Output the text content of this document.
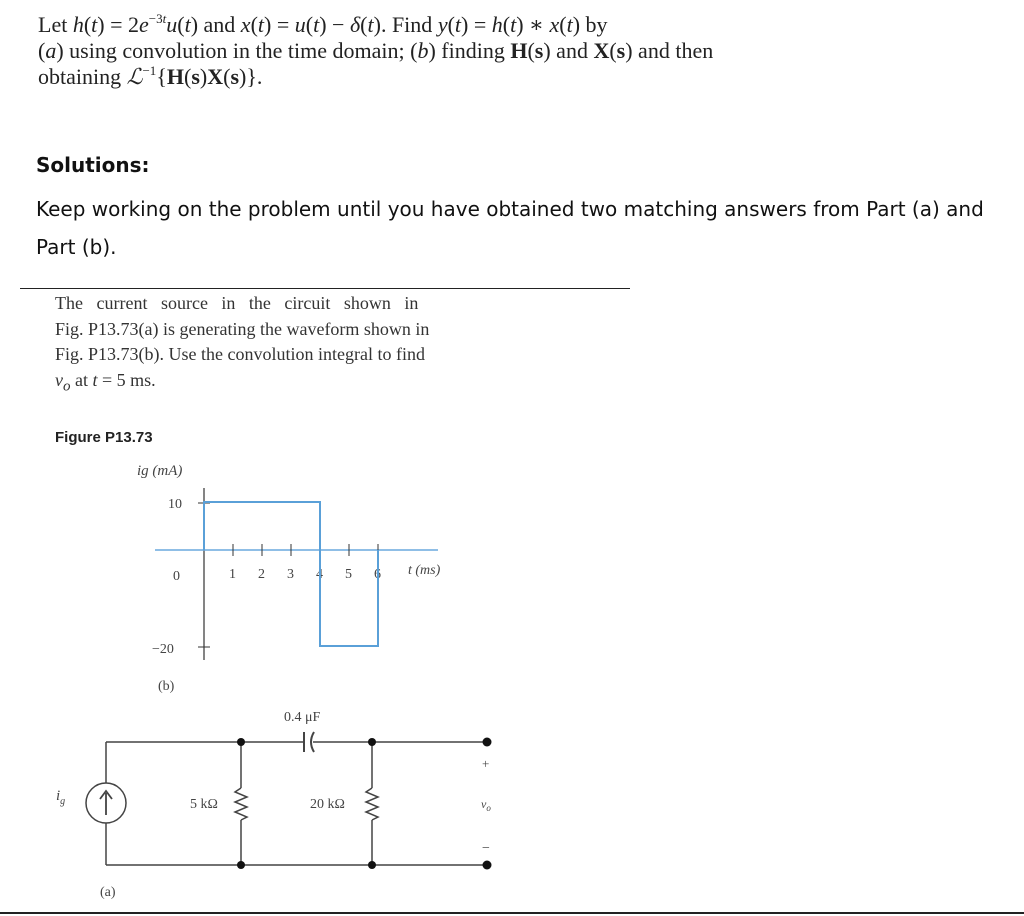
Let $h(t) = 2e^{-3t}u(t)$ and x(t) = u(t) − δ(t). Find y(t) = h(t) ∗ x(t) by
(a) using convolution in the time domain; (b) finding H(s) and X(s) and then
obtaining ℒ$^{-1}${H(s)X(s)}.
Solutions:
Keep working on the problem until you have obtained two matching answers from Part (a) and Part (b).
The current source in the circuit shown in
Fig. P13.73(a) is generating the waveform shown in
Fig. P13.73(b). Use the convolution integral to find
$v_o$ at t = 5 ms.
Figure P13.73
ig (mA)
10
0
−20
1 2 3 4 5 6 t (ms)
(b)
$i_g$
0.4 μF
5 kΩ	20 kΩ
+
$v_o$
−
(a)
